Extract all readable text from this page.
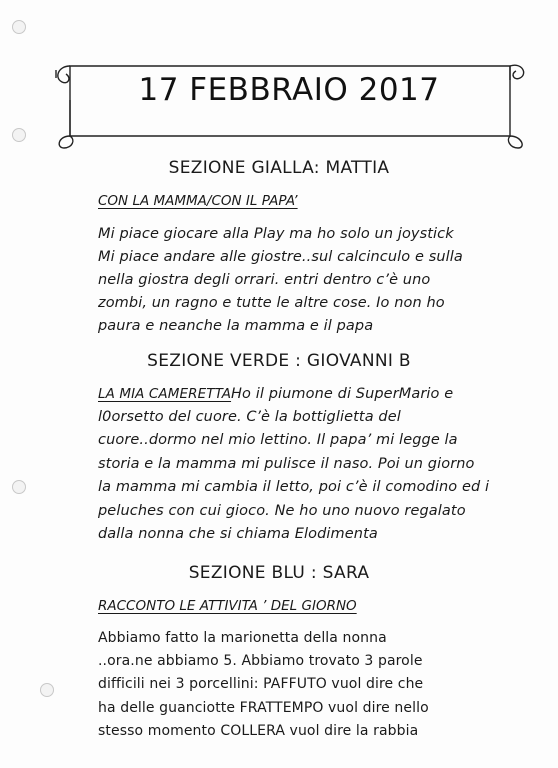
17 FEBBRAIO 2017
SEZIONE GIALLA: MATTIA
CON LA MAMMA/CON IL PAPA’
Mi piace giocare alla Play ma ho solo un joystick
Mi piace andare alle giostre..sul calcinculo e sulla
nella giostra degli orrari. entri dentro c’è uno
zombi, un ragno e tutte le altre cose. Io non ho
paura e neanche la mamma e il papa
SEZIONE VERDE : GIOVANNI B
LA MIA CAMERETTAHo il piumone di SuperMario e
l0orsetto del cuore. C’è la bottiglietta del
cuore..dormo nel mio lettino. Il papa’ mi legge la
storia e la mamma mi pulisce il naso. Poi un giorno
la mamma mi cambia il letto, poi c’è il comodino ed i
peluches con cui gioco. Ne ho uno nuovo regalato
dalla nonna che si chiama Elodimenta
SEZIONE BLU : SARA
RACCONTO LE ATTIVITA ’ DEL GIORNO
Abbiamo fatto la marionetta della nonna
..ora.ne abbiamo 5. Abbiamo trovato 3 parole
difficili nei 3 porcellini: PAFFUTO vuol dire che
ha delle guanciotte FRATTEMPO vuol dire nello
stesso momento COLLERA vuol dire la rabbia
